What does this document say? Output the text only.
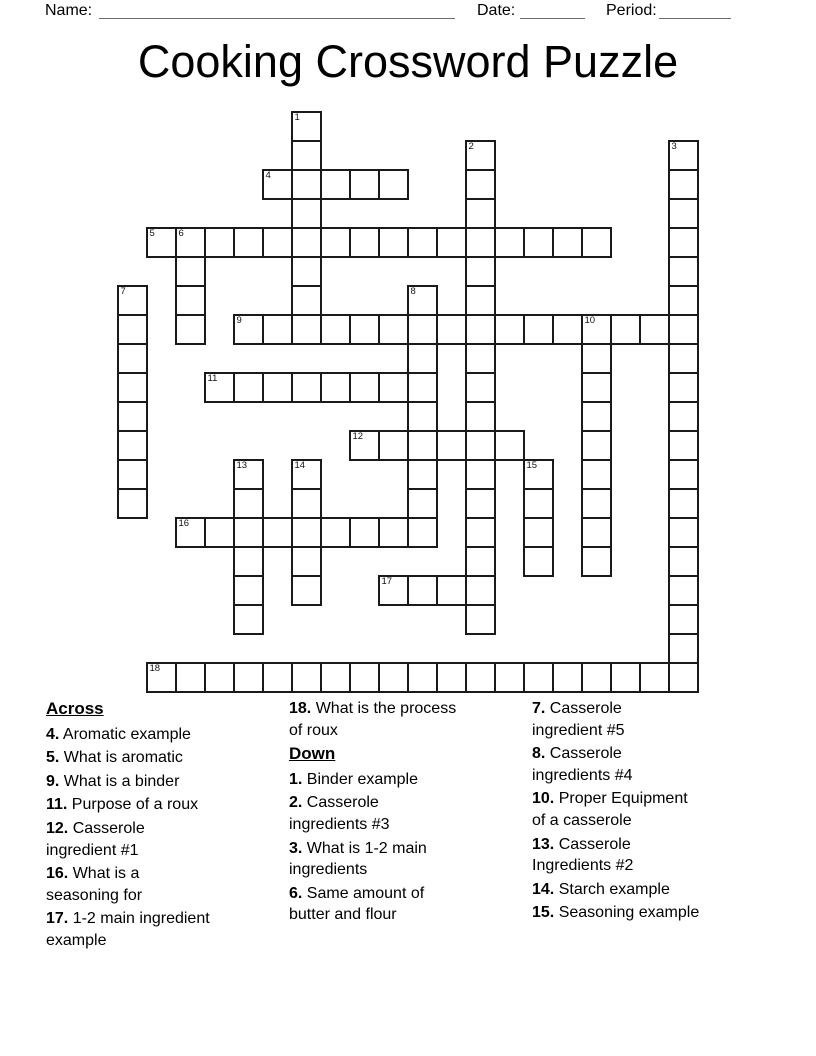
Name:	Date:	Period:
Cooking Crossword Puzzle
1
2	3
4
5 6
7	8
9	10
11
12
13	14	15
16
17
18
Across
4. Aromatic example
5. What is aromatic
9. What is a binder
11. Purpose of a roux
12. Casserole
ingredient #1
16. What is a
seasoning for
17. 1-2 main ingredient
example
18. What is the process
of roux
Down
1. Binder example
2. Casserole
ingredients #3
3. What is 1-2 main
ingredients
6. Same amount of
butter and flour
7. Casserole
ingredient #5
8. Casserole
ingredients #4
10. Proper Equipment
of a casserole
13. Casserole
Ingredients #2
14. Starch example
15. Seasoning example
